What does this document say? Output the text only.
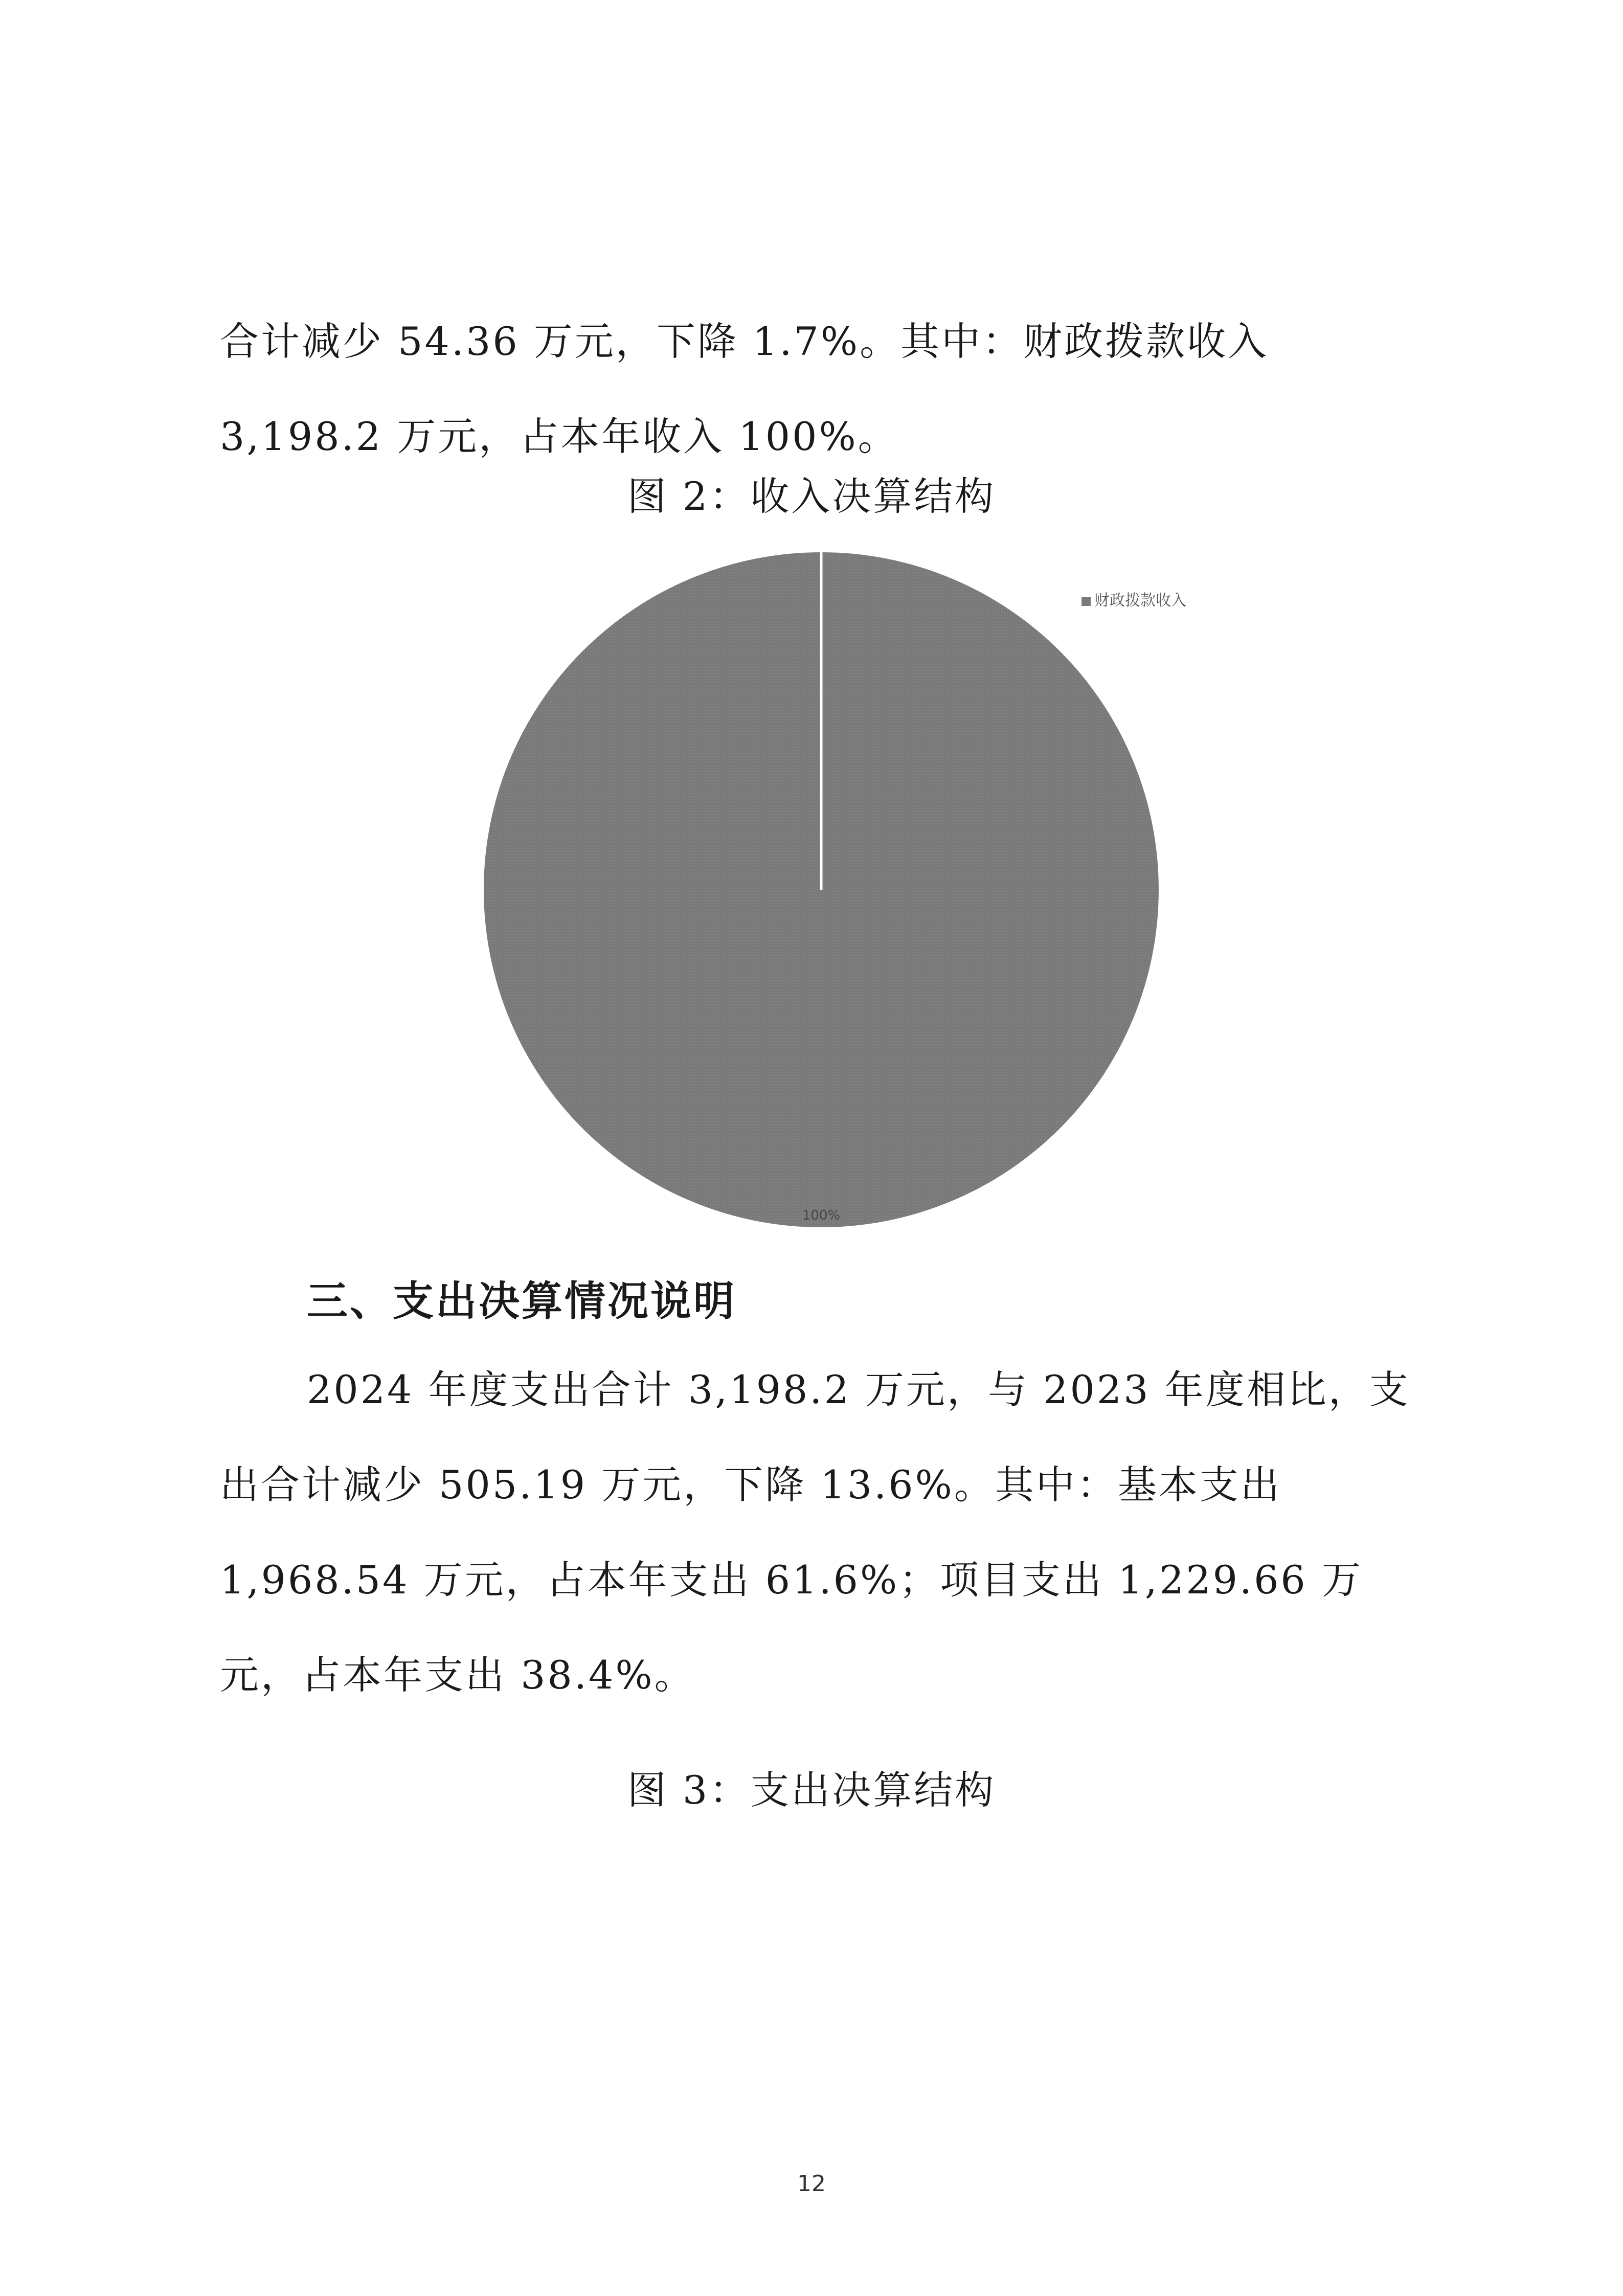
合计减少 54.36 万元，下降 1.7%。其中：财政拨款收入 3,198.2 万元，占本年收入 100%。

图 2：收入决算结构

财政拨款收入
100%
三、支出决算情况说明

2024 年度支出合计 3,198.2 万元，与 2023 年度相比，支出合计减少 505.19 万元，下降 13.6%。其中：基本支出 1,968.54 万元，占本年支出 61.6%；项目支出 1,229.66 万元，占本年支出 38.4%。

图 3：支出决算结构

12
